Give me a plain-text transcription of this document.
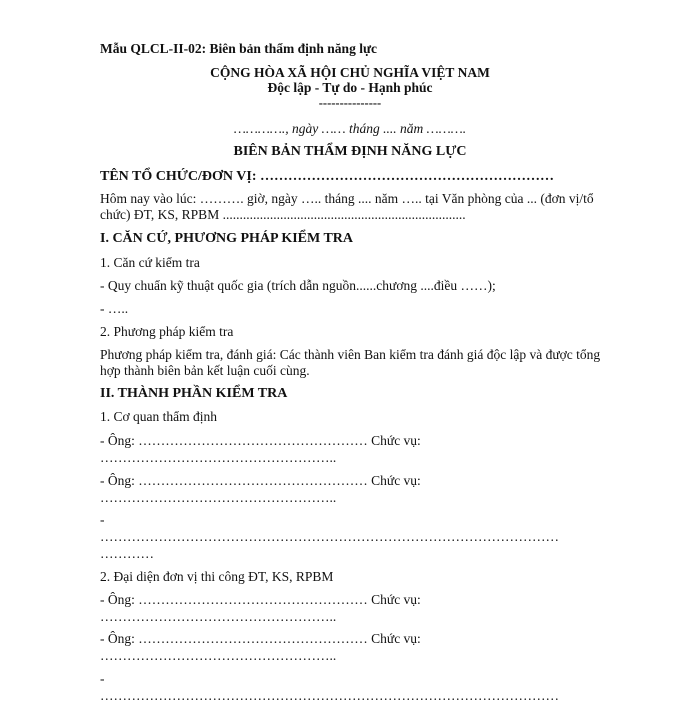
Mẫu QLCL-II-02: Biên bản thẩm định năng lực
CỘNG HÒA XÃ HỘI CHỦ NGHĨA VIỆT NAM
Độc lập - Tự do - Hạnh phúc
---------------
…………., ngày …… tháng .... năm ……….
BIÊN BẢN THẨM ĐỊNH NĂNG LỰC
TÊN TỔ CHỨC/ĐƠN VỊ: ………………………………………………………
Hôm nay vào lúc: ………. giờ, ngày ….. tháng .... năm ….. tại Văn phòng của ... (đơn vị/tổ
chức) ĐT, KS, RPBM ........................................................................
I. CĂN CỨ, PHƯƠNG PHÁP KIỂM TRA
1. Căn cứ kiểm tra
- Quy chuẩn kỹ thuật quốc gia (trích dẫn nguồn......chương ....điều ……);
- …..
2. Phương pháp kiểm tra
Phương pháp kiểm tra, đánh giá: Các thành viên Ban kiểm tra đánh giá độc lập và được tổng
hợp thành biên bản kết luận cuối cùng.
II. THÀNH PHẦN KIỂM TRA
1. Cơ quan thẩm định
- Ông: …………………………………………… Chức vụ:
……………………………………………..
- Ông: …………………………………………… Chức vụ:
……………………………………………..
-
…………………………………………………………………………………………
…………
2. Đại diện đơn vị thi công ĐT, KS, RPBM
- Ông: …………………………………………… Chức vụ:
……………………………………………..
- Ông: …………………………………………… Chức vụ:
……………………………………………..
-
…………………………………………………………………………………………
